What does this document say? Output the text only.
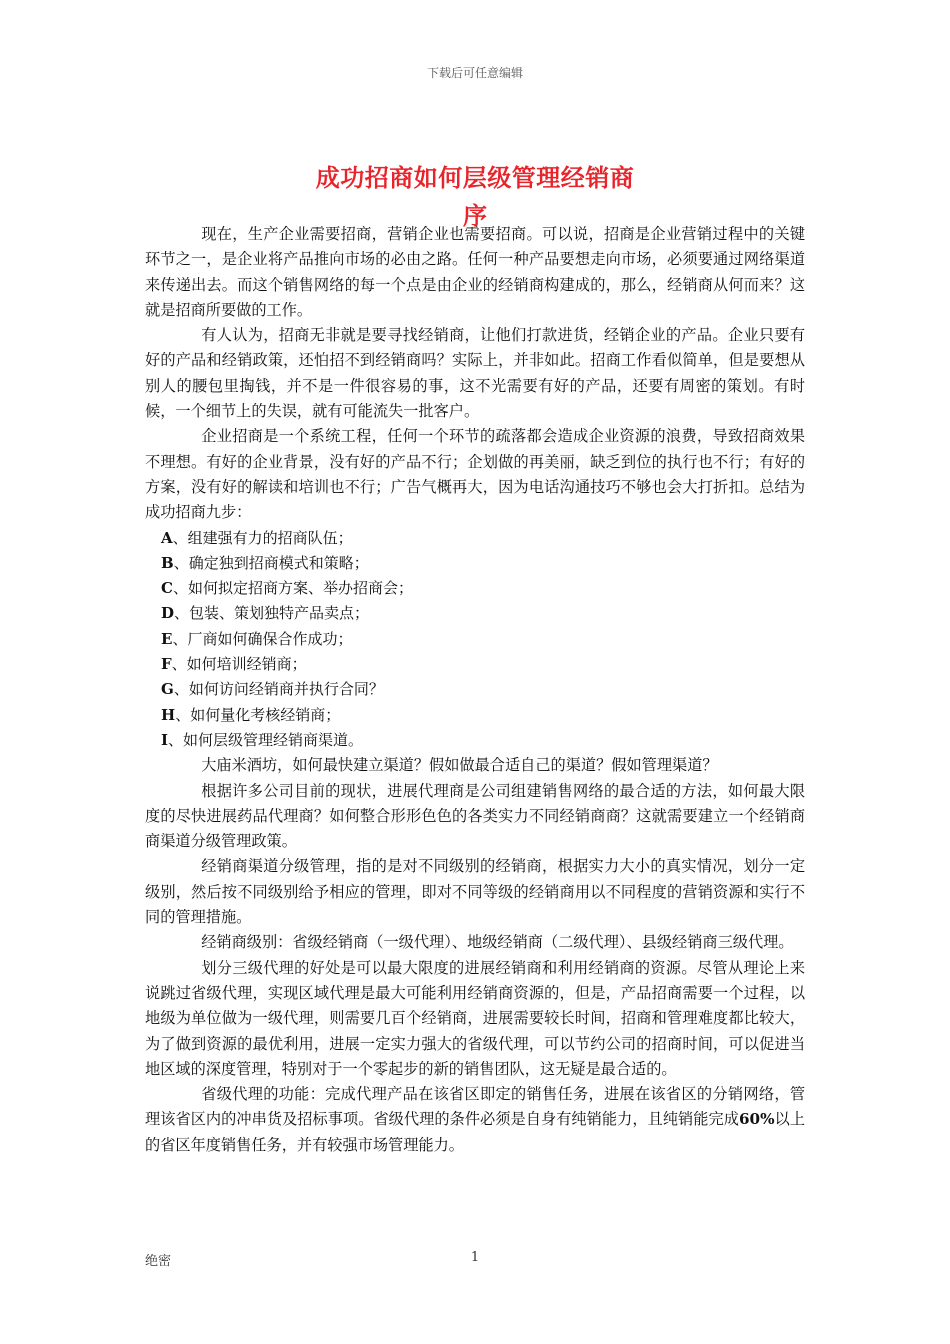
下载后可任意编辑
成功招商如何层级管理经销商
序

现在，生产企业需要招商，营销企业也需要招商。可以说，招商是企业营销过程中的关键环节之一，是企业将产品推向市场的必由之路。任何一种产品要想走向市场，必须要通过网络渠道来传递出去。而这个销售网络的每一个点是由企业的经销商构建成的，那么，经销商从何而来？这就是招商所要做的工作。

有人认为，招商无非就是要寻找经销商，让他们打款进货，经销企业的产品。企业只要有好的产品和经销政策，还怕招不到经销商吗？实际上，并非如此。招商工作看似简单，但是要想从别人的腰包里掏钱，并不是一件很容易的事，这不光需要有好的产品，还要有周密的策划。有时候，一个细节上的失误，就有可能流失一批客户。

企业招商是一个系统工程，任何一个环节的疏落都会造成企业资源的浪费，导致招商效果不理想。有好的企业背景，没有好的产品不行；企划做的再美丽，缺乏到位的执行也不行；有好的方案，没有好的解读和培训也不行；广告气概再大，因为电话沟通技巧不够也会大打折扣。总结为成功招商九步：

A、组建强有力的招商队伍；

B、确定独到招商模式和策略；

C、如何拟定招商方案、举办招商会；

D、包装、策划独特产品卖点；

E、厂商如何确保合作成功；

F、如何培训经销商；

G、如何访问经销商并执行合同？

H、如何量化考核经销商；

I、如何层级管理经销商渠道。

大庙米酒坊，如何最快建立渠道？假如做最合适自己的渠道？假如管理渠道？

根据许多公司目前的现状，进展代理商是公司组建销售网络的最合适的方法，如何最大限度的尽快进展药品代理商？如何整合形形色色的各类实力不同经销商商？这就需要建立一个经销商商渠道分级管理政策。

经销商渠道分级管理，指的是对不同级别的经销商，根据实力大小的真实情况，划分一定级别，然后按不同级别给予相应的管理，即对不同等级的经销商用以不同程度的营销资源和实行不同的管理措施。

经销商级别：省级经销商（一级代理）、地级经销商（二级代理）、县级经销商三级代理。

划分三级代理的好处是可以最大限度的进展经销商和利用经销商的资源。尽管从理论上来说跳过省级代理，实现区域代理是最大可能利用经销商资源的，但是，产品招商需要一个过程，以地级为单位做为一级代理，则需要几百个经销商，进展需要较长时间，招商和管理难度都比较大，为了做到资源的最优利用，进展一定实力强大的省级代理，可以节约公司的招商时间，可以促进当地区域的深度管理，特别对于一个零起步的新的销售团队，这无疑是最合适的。

省级代理的功能：完成代理产品在该省区即定的销售任务，进展在该省区的分销网络，管理该省区内的冲串货及招标事项。省级代理的条件必须是自身有纯销能力，且纯销能完成60%以上的省区年度销售任务，并有较强市场管理能力。

绝密	1
